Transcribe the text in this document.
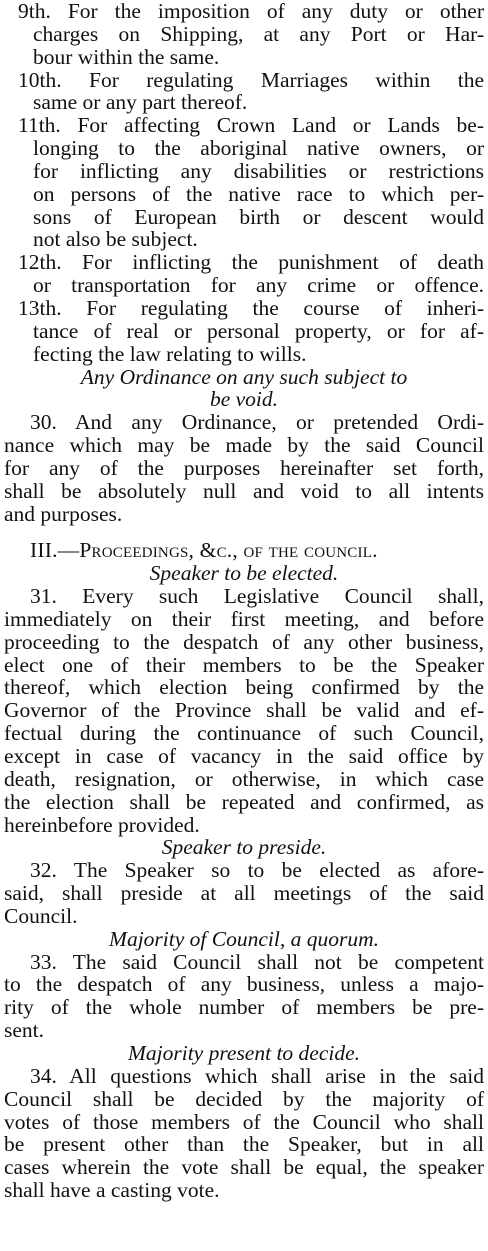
9th. For the imposition of any duty or other
charges on Shipping, at any Port or Har-
bour within the same.
10th. For regulating Marriages within the
same or any part thereof.
11th. For affecting Crown Land or Lands be-
longing to the aboriginal native owners, or
for inflicting any disabilities or restrictions
on persons of the native race to which per-
sons of European birth or descent would
not also be subject.
12th. For inflicting the punishment of death
or transportation for any crime or offence.
13th. For regulating the course of inheri-
tance of real or personal property, or for af-
fecting the law relating to wills.
Any Ordinance on any such subject to
be void.
30. And any Ordinance, or pretended Ordi-
nance which may be made by the said Council
for any of the purposes hereinafter set forth,
shall be absolutely null and void to all intents
and purposes.
III.—Proceedings, &c., of the council.
Speaker to be elected.
31. Every such Legislative Council shall,
immediately on their first meeting, and before
proceeding to the despatch of any other business,
elect one of their members to be the Speaker
thereof, which election being confirmed by the
Governor of the Province shall be valid and ef-
fectual during the continuance of such Council,
except in case of vacancy in the said office by
death, resignation, or otherwise, in which case
the election shall be repeated and confirmed, as
hereinbefore provided.
Speaker to preside.
32. The Speaker so to be elected as afore-
said, shall preside at all meetings of the said
Council.
Majority of Council, a quorum.
33. The said Council shall not be competent
to the despatch of any business, unless a majo-
rity of the whole number of members be pre-
sent.
Majority present to decide.
34. All questions which shall arise in the said
Council shall be decided by the majority of
votes of those members of the Council who shall
be present other than the Speaker, but in all
cases wherein the vote shall be equal, the speaker
shall have a casting vote.
